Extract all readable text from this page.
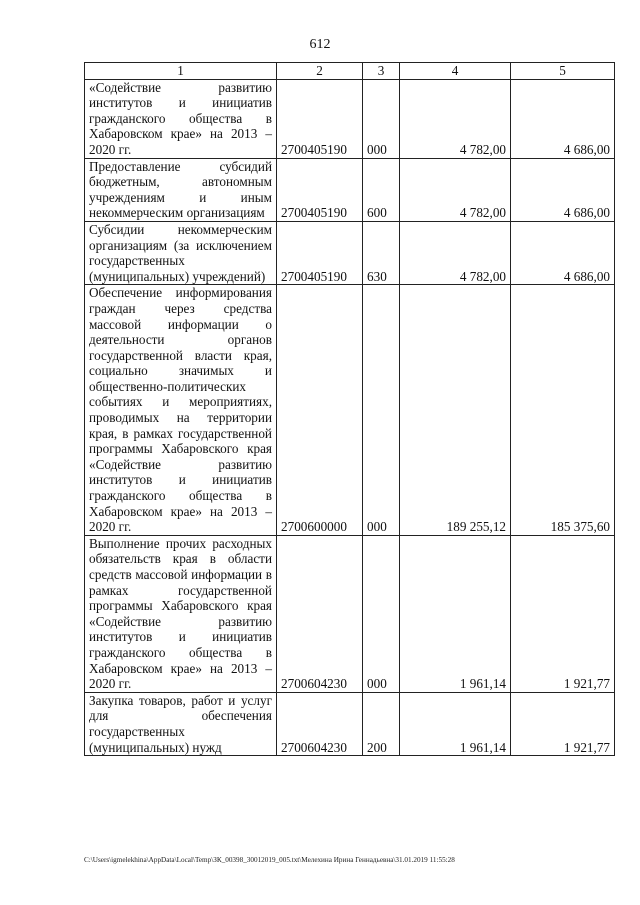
612
1	2	3	4	5
«Содействие развитию институтов и инициатив гражданского общества в Хабаровском крае» на 2013 – 2020 гг.	2700405190	000	4 782,00	4 686,00
Предоставление субсидий бюджетным, автономным учреждениям и иным некоммерческим организациям	2700405190	600	4 782,00	4 686,00
Субсидии некоммерческим организациям (за исключением государственных (муниципальных) учреждений)	2700405190	630	4 782,00	4 686,00
Обеспечение информирования граждан через средства массовой информации о деятельности органов государственной власти края, социально значимых и общественно-политических событиях и мероприятиях, проводимых на территории края, в рамках государственной программы Хабаровского края «Содействие развитию институтов и инициатив гражданского общества в Хабаровском крае» на 2013 – 2020 гг.	2700600000	000	189 255,12	185 375,60
Выполнение прочих расходных обязательств края в области средств массовой информации в рамках государственной программы Хабаровского края «Содействие развитию институтов и инициатив гражданского общества в Хабаровском крае» на 2013 – 2020 гг.	2700604230	000	1 961,14	1 921,77
Закупка товаров, работ и услуг для обеспечения государственных (муниципальных) нужд	2700604230	200	1 961,14	1 921,77
C:\Users\igmelekhina\AppData\Local\Temp\ЗК_00398_30012019_005.txt\Мелехина Ирина Геннадьевна\31.01.2019 11:55:28
